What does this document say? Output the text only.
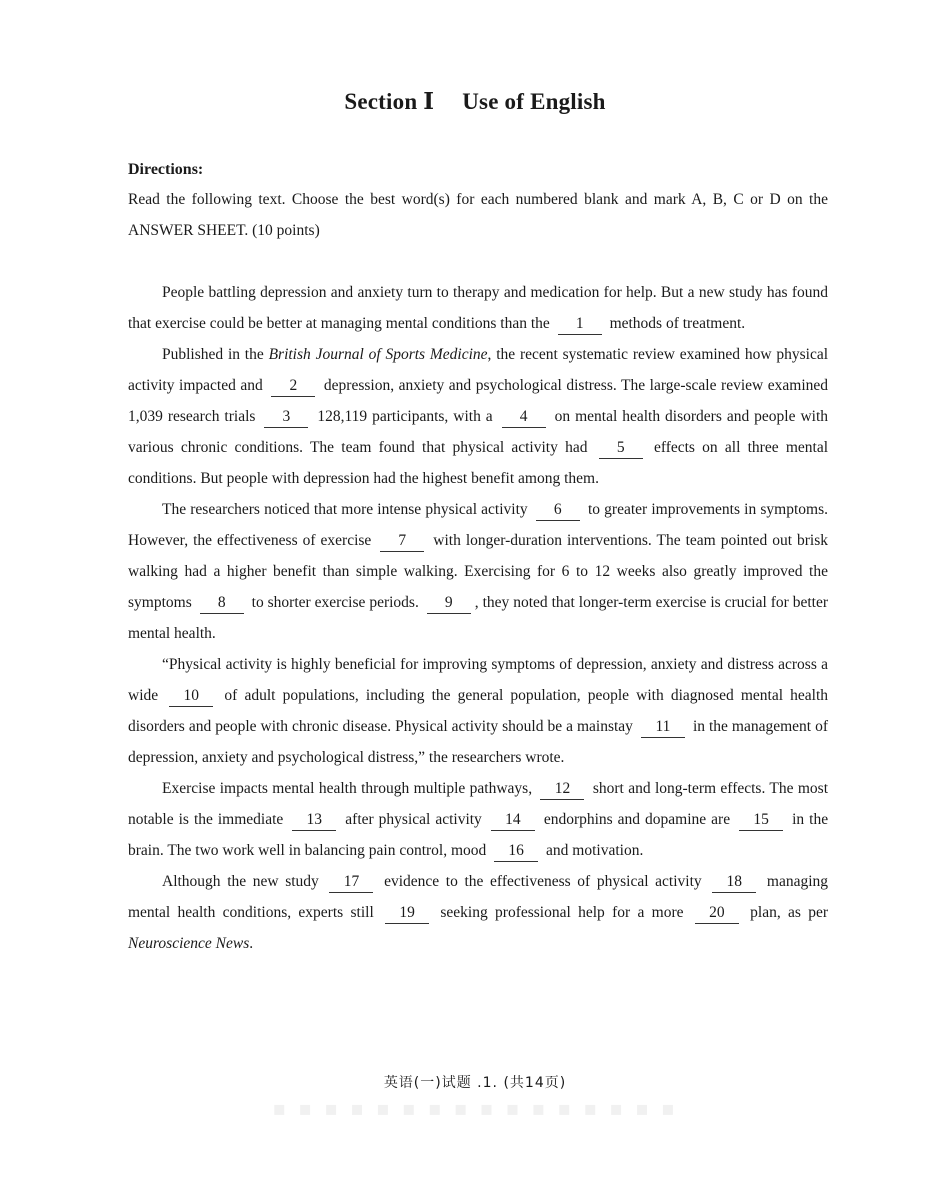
Section Ⅰ Use of English
Directions:

Read the following text. Choose the best word(s) for each numbered blank and mark A, B, C or D on the ANSWER SHEET. (10 points)

People battling depression and anxiety turn to therapy and medication for help. But a new study has found that exercise could be better at managing mental conditions than the 1 methods of treatment.

Published in the British Journal of Sports Medicine, the recent systematic review examined how physical activity impacted and 2 depression, anxiety and psychological distress. The large-scale review examined 1,039 research trials 3 128,119 participants, with a 4 on mental health disorders and people with various chronic conditions. The team found that physical activity had 5 effects on all three mental conditions. But people with depression had the highest benefit among them.

The researchers noticed that more intense physical activity 6 to greater improvements in symptoms. However, the effectiveness of exercise 7 with longer-duration interventions. The team pointed out brisk walking had a higher benefit than simple walking. Exercising for 6 to 12 weeks also greatly improved the symptoms 8 to shorter exercise periods. 9 , they noted that longer-term exercise is crucial for better mental health.

“Physical activity is highly beneficial for improving symptoms of depression, anxiety and distress across a wide 10 of adult populations, including the general population, people with diagnosed mental health disorders and people with chronic disease. Physical activity should be a mainstay 11 in the management of depression, anxiety and psychological distress,” the researchers wrote.

Exercise impacts mental health through multiple pathways, 12 short and long-term effects. The most notable is the immediate 13 after physical activity 14 endorphins and dopamine are 15 in the brain. The two work well in balancing pain control, mood 16 and motivation.

Although the new study 17 evidence to the effectiveness of physical activity 18 managing mental health conditions, experts still 19 seeking professional help for a more 20 plan, as per Neuroscience News.

英语(一)试题 .1. (共14页)
▪ ▪ ▪ ▪ ▪ ▪ ▪ ▪ ▪ ▪ ▪ ▪ ▪ ▪ ▪ ▪
